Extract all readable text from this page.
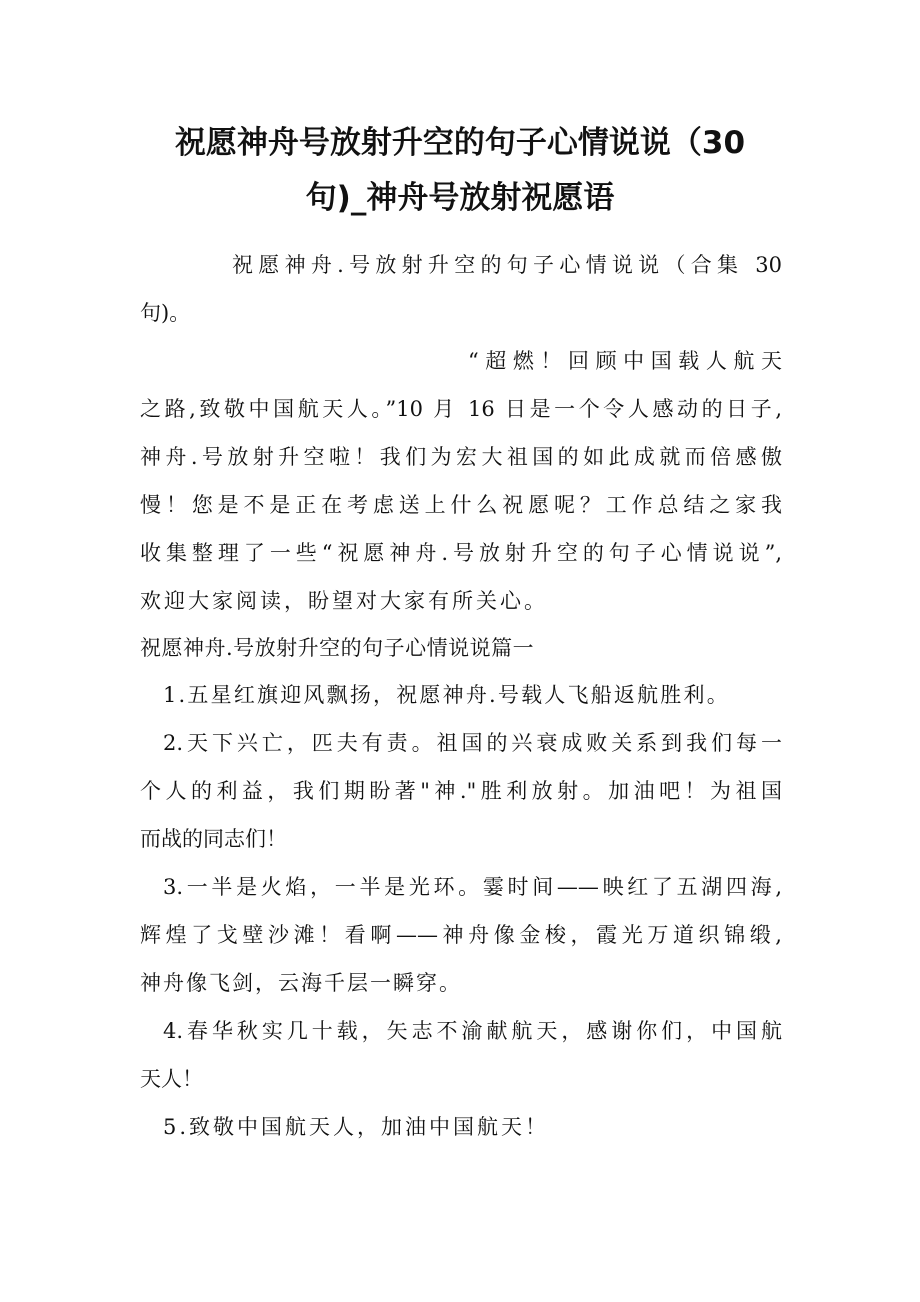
祝愿神舟号放射升空的句子心情说说（30
句)_神舟号放射祝愿语
祝愿神舟.号放射升空的句子心情说说（合集 30
句)。
“超燃！回顾中国载人航天
之路,致敬中国航天人。”10 月 16 日是一个令人感动的日子,
神舟.号放射升空啦！我们为宏大祖国的如此成就而倍感傲
慢！您是不是正在考虑送上什么祝愿呢？工作总结之家我
收集整理了一些“祝愿神舟.号放射升空的句子心情说说”,
欢迎大家阅读，盼望对大家有所关心。
祝愿神舟.号放射升空的句子心情说说篇一
1.五星红旗迎风飘扬，祝愿神舟.号载人飞船返航胜利。
2.天下兴亡，匹夫有责。祖国的兴衰成败关系到我们每一
个人的利益，我们期盼著"神."胜利放射。加油吧！为祖国
而战的同志们！
3.一半是火焰，一半是光环。霎时间——映红了五湖四海,
辉煌了戈壁沙滩！看啊——神舟像金梭，霞光万道织锦缎,
神舟像飞剑，云海千层一瞬穿。
4.春华秋实几十载，矢志不渝献航天，感谢你们，中国航
天人！
5.致敬中国航天人，加油中国航天！
